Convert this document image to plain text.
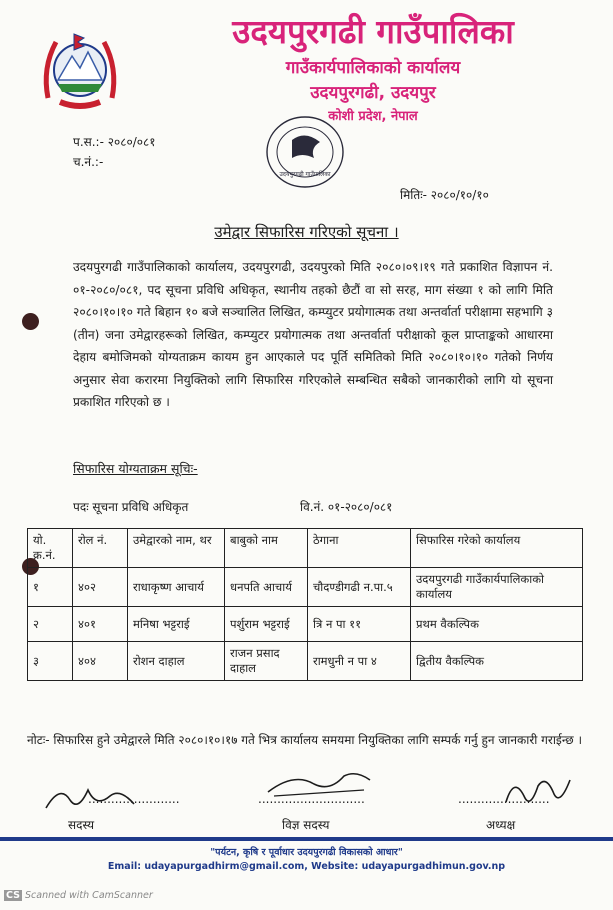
उदयपुरगढी गाउँपालिका
गाउँकार्यपालिकाको कार्यालय
उदयपुरगढी, उदयपुर
कोशी प्रदेश, नेपाल
उदयपुरगढी गाउँपालिका
प.स.:- २०८०/०८१
च.नं.:-
मितिः- २०८०/१०/१०
उमेद्वार सिफारिस गरिएको सूचना ।
उदयपुरगढी गाउँपालिकाको कार्यालय, उदयपुरगढी, उदयपुरको मिति २०८०।०९।१९ गते प्रकाशित विज्ञापन नं. ०१-२०८०/०८१, पद सूचना प्रविधि अधिकृत, स्थानीय तहको छैटौं वा सो सरह, माग संख्या १ को लागि मिति २०८०।१०।१० गते बिहान १० बजे सञ्चालित लिखित, कम्प्युटर प्रयोगात्मक तथा अन्तर्वार्ता परीक्षामा सहभागि ३ (तीन) जना उमेद्वारहरूको लिखित, कम्प्युटर प्रयोगात्मक तथा अन्तर्वार्ता परीक्षाको कूल प्राप्ताङ्कको आधारमा देहाय बमोजिमको योग्यताक्रम कायम हुन आएकाले पद पूर्ति समितिको मिति २०८०।१०।१० गतेको निर्णय अनुसार सेवा करारमा नियुक्तिको लागि सिफारिस गरिएकोले सम्बन्धित सबैको जानकारीको लागि यो सूचना प्रकाशित गरिएको छ ।
सिफारिस योग्यताक्रम सूचिः-
पदः सूचना प्रविधि अधिकृत	वि.नं. ०१-२०८०/०८१
यो. क्र.नं.	रोल नं.	उमेद्वारको नाम, थर	बाबुको नाम	ठेगाना	सिफारिस गरेको कार्यालय
१	४०२	राधाकृष्ण आचार्य	धनपति आचार्य	चौदण्डीगढी न.पा.५	उदयपुरगढी गाउँकार्यपालिकाको कार्यालय
२	४०१	मनिषा भट्टराई	पर्शुराम भट्टराई	त्रि न पा ११	प्रथम वैकल्पिक
३	४०४	रोशन दाहाल	राजन प्रसाद दाहाल	रामधुनी न पा ४	द्वितीय वैकल्पिक
नोटः- सिफारिस हुने उमेद्वारले मिति २०८०।१०।१७ गते भित्र कार्यालय समयमा नियुक्तिका लागि सम्पर्क गर्नु हुन जानकारी गराईन्छ ।
........................
सदस्य
............................
विज्ञ सदस्य
........................
अध्यक्ष
"पर्यटन, कृषि र पूर्वाधार उदयपुरगढी विकासको आधार"
Email: udayapurgadhirm@gmail.com, Website: udayapurgadhimun.gov.np
CS Scanned with CamScanner
